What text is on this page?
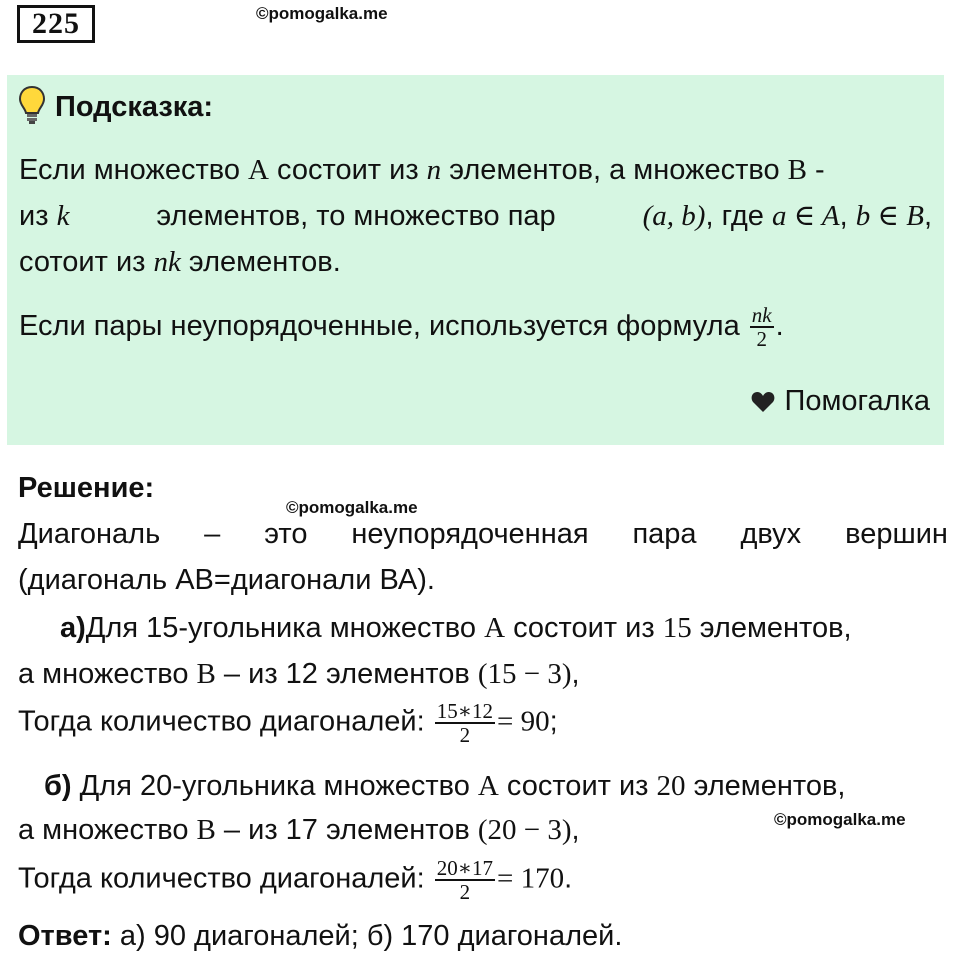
225	©pomogalka.me
Подсказка:
Если множество A состоит из n элементов, а множество B -
из k	элементов, то множество пар	(a, b), где a ∈ A, b ∈ B,
сотоит из nk элементов.
Если пары неупорядоченные, используется формула $\frac{nk}{2}$ .
Помогалка
Решение:
©pomogalka.me
Диагональ – это неупорядоченная пара двух вершин
(диагональ АВ=диагонали ВА).
а)Для 15-угольника множество A состоит из 15 элементов,
а множество B – из 12 элементов (15 − 3),
Тогда количество диагоналей: $\frac{15∗12}{2} = 90$;
б) Для 20-угольника множество A состоит из 20 элементов,
©pomogalka.me
а множество B – из 17 элементов (20 − 3),
Тогда количество диагоналей: $\frac{20∗17}{2} = 170$.
Ответ: а) 90 диагоналей; б) 170 диагоналей.
